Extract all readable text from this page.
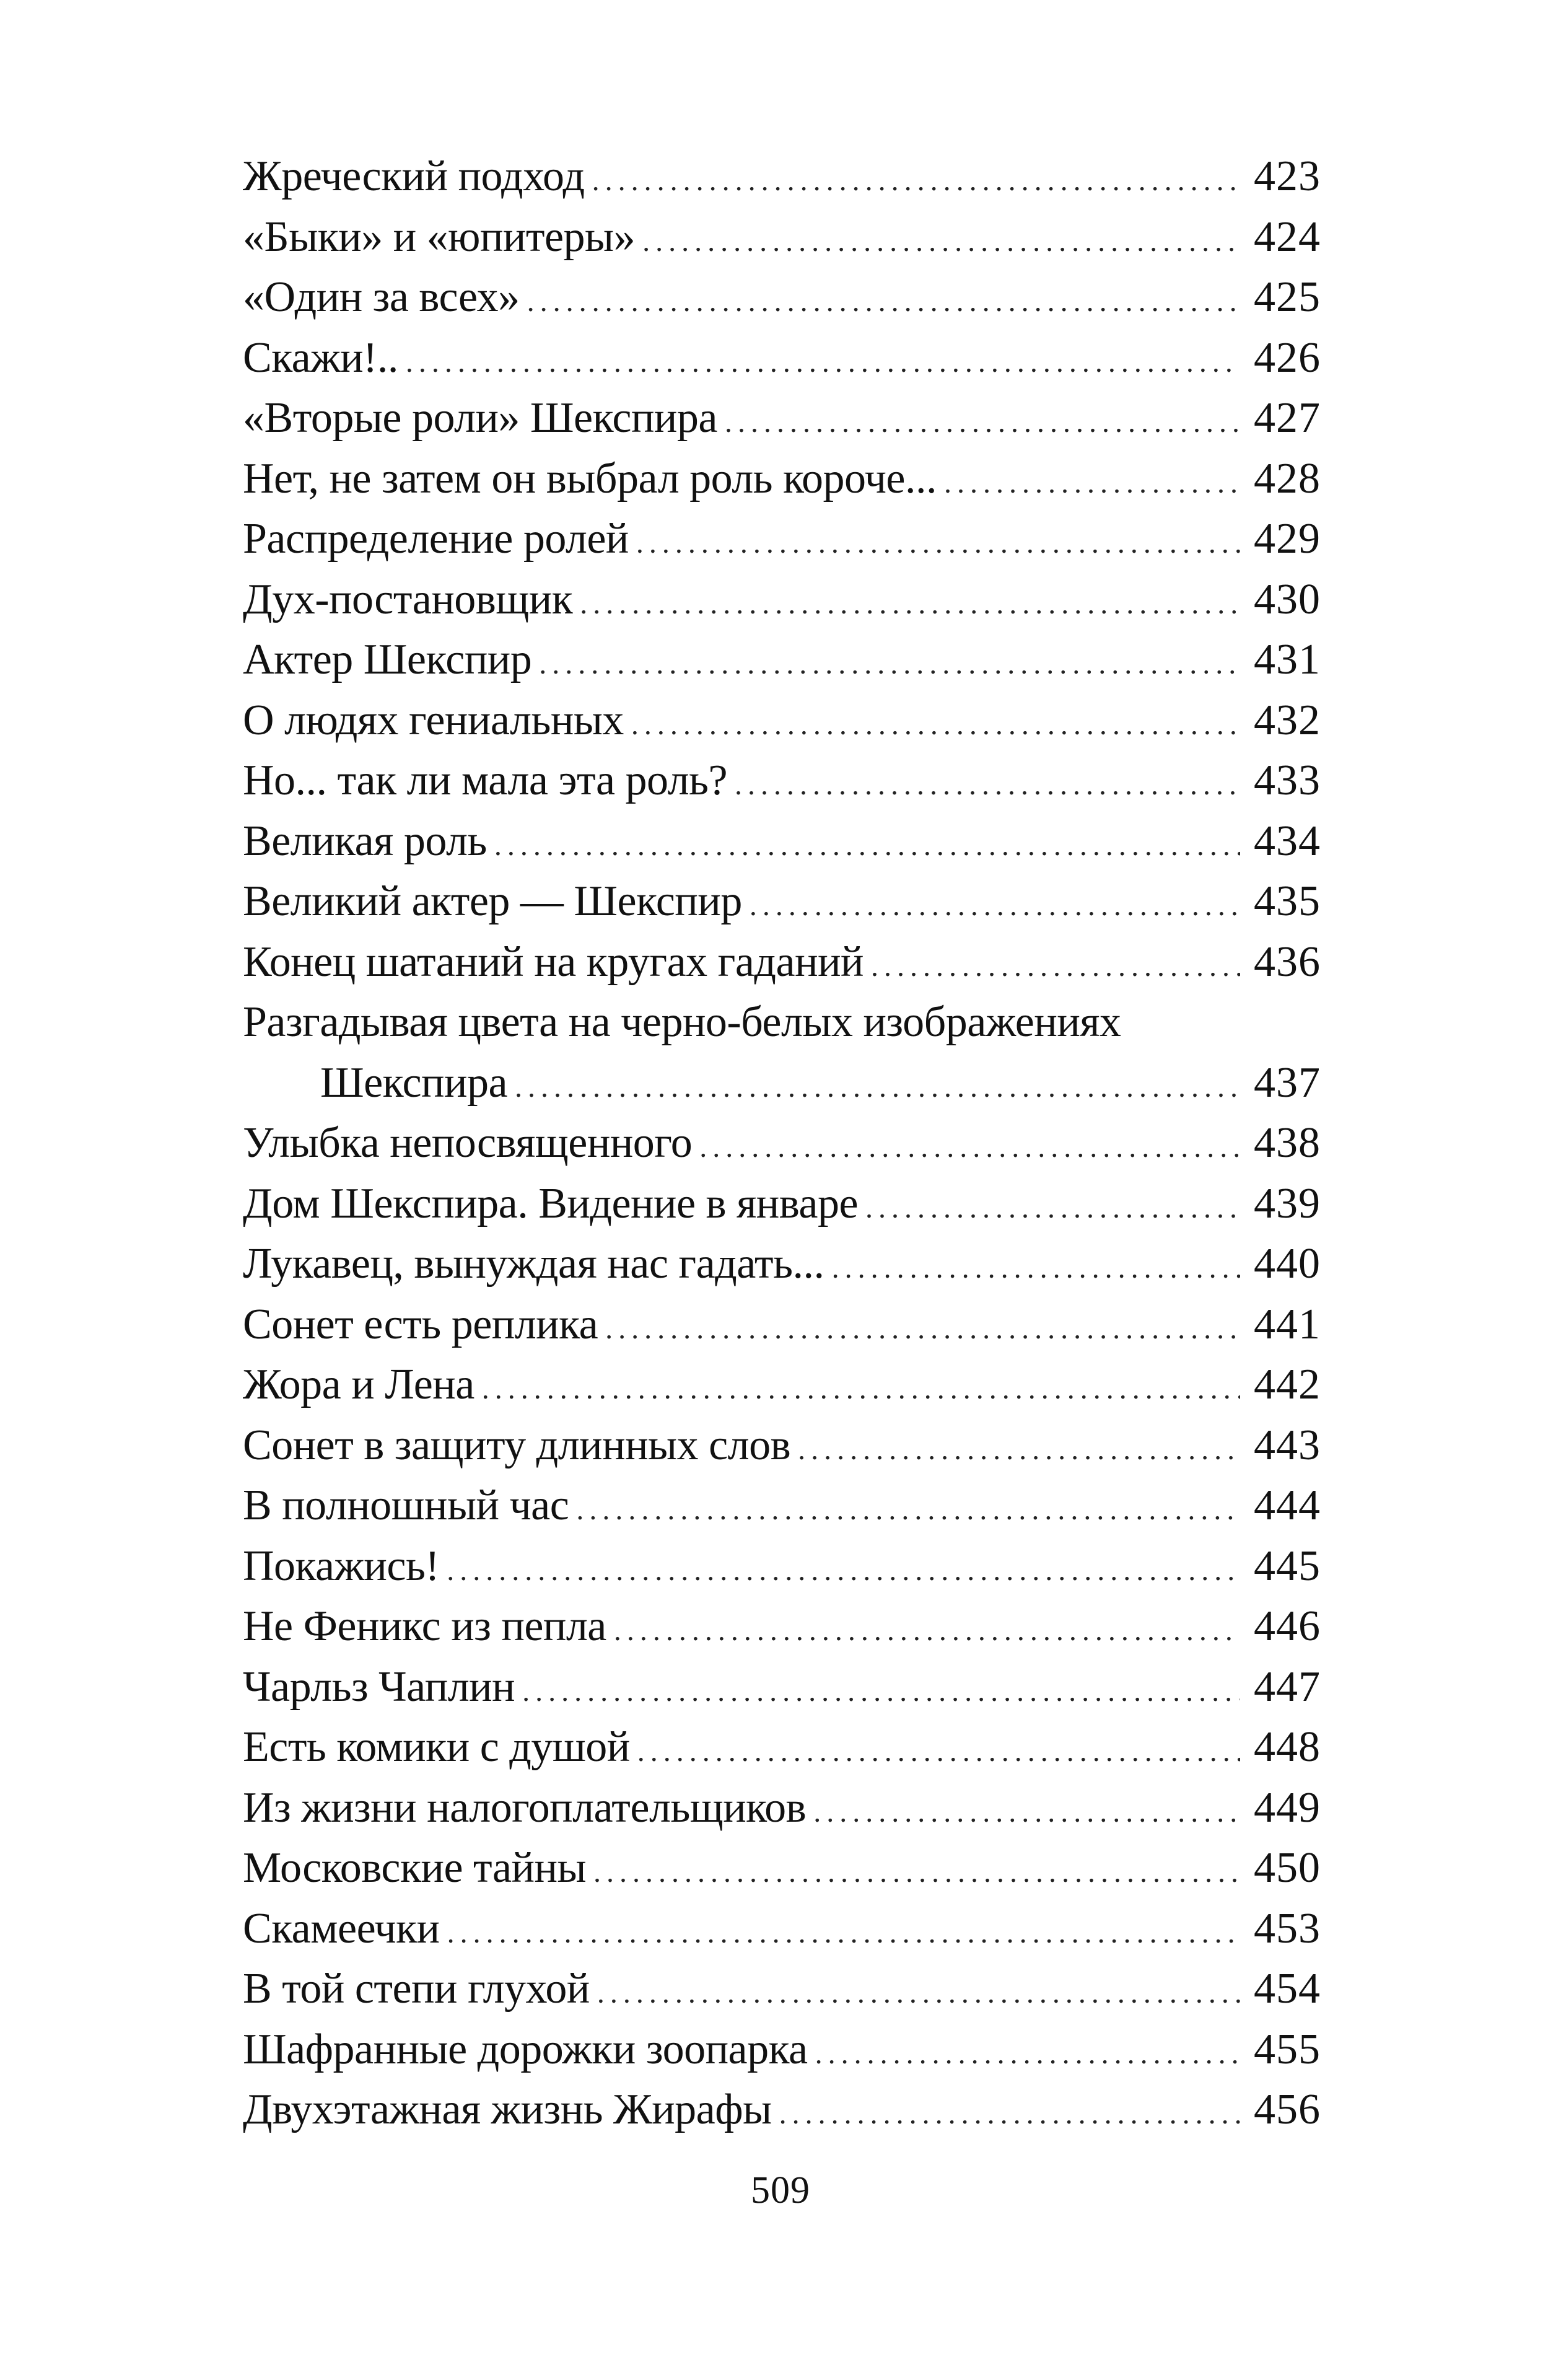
Жреческий подход .....	423
«Быки» и «юпитеры» .....	424
«Один за всех» .....	425
Скажи!.. .....	426
«Вторые роли» Шекспира .....	427
Нет, не затем он выбрал роль короче... .....	428
Распределение ролей .....	429
Дух-постановщик .....	430
Актер Шекспир .....	431
О людях гениальных .....	432
Но... так ли мала эта роль? .....	433
Великая роль .....	434
Великий актер — Шекспир .....	435
Конец шатаний на кругах гаданий .....	436
Разгадывая цвета на черно-белых изображениях
Шекспира .....	437
Улыбка непосвященного .....	438
Дом Шекспира. Видение в январе .....	439
Лукавец, вынуждая нас гадать... .....	440
Сонет есть реплика .....	441
Жора и Лена .....	442
Сонет в защиту длинных слов .....	443
В полношный час .....	444
Покажись! .....	445
Не Феникс из пепла .....	446
Чарльз Чаплин .....	447
Есть комики с душой .....	448
Из жизни налогоплательщиков .....	449
Московские тайны .....	450
Скамеечки .....	453
В той степи глухой .....	454
Шафранные дорожки зоопарка .....	455
Двухэтажная жизнь Жирафы .....	456
509
